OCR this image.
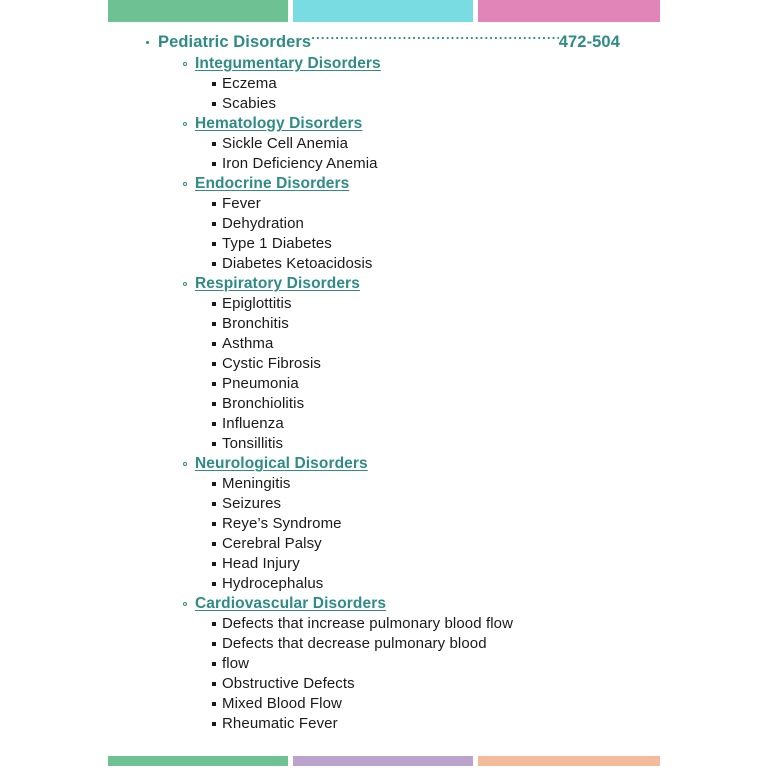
Pediatric Disorders .....	472-504
Integumentary Disorders
Eczema
Scabies
Hematology Disorders
Sickle Cell Anemia
Iron Deficiency Anemia
Endocrine Disorders
Fever
Dehydration
Type 1 Diabetes
Diabetes Ketoacidosis
Respiratory Disorders
Epiglottitis
Bronchitis
Asthma
Cystic Fibrosis
Pneumonia
Bronchiolitis
Influenza
Tonsillitis
Neurological Disorders
Meningitis
Seizures
Reye’s Syndrome
Cerebral Palsy
Head Injury
Hydrocephalus
Cardiovascular Disorders
Defects that increase pulmonary blood flow
Defects that decrease pulmonary blood
flow
Obstructive Defects
Mixed Blood Flow
Rheumatic Fever
